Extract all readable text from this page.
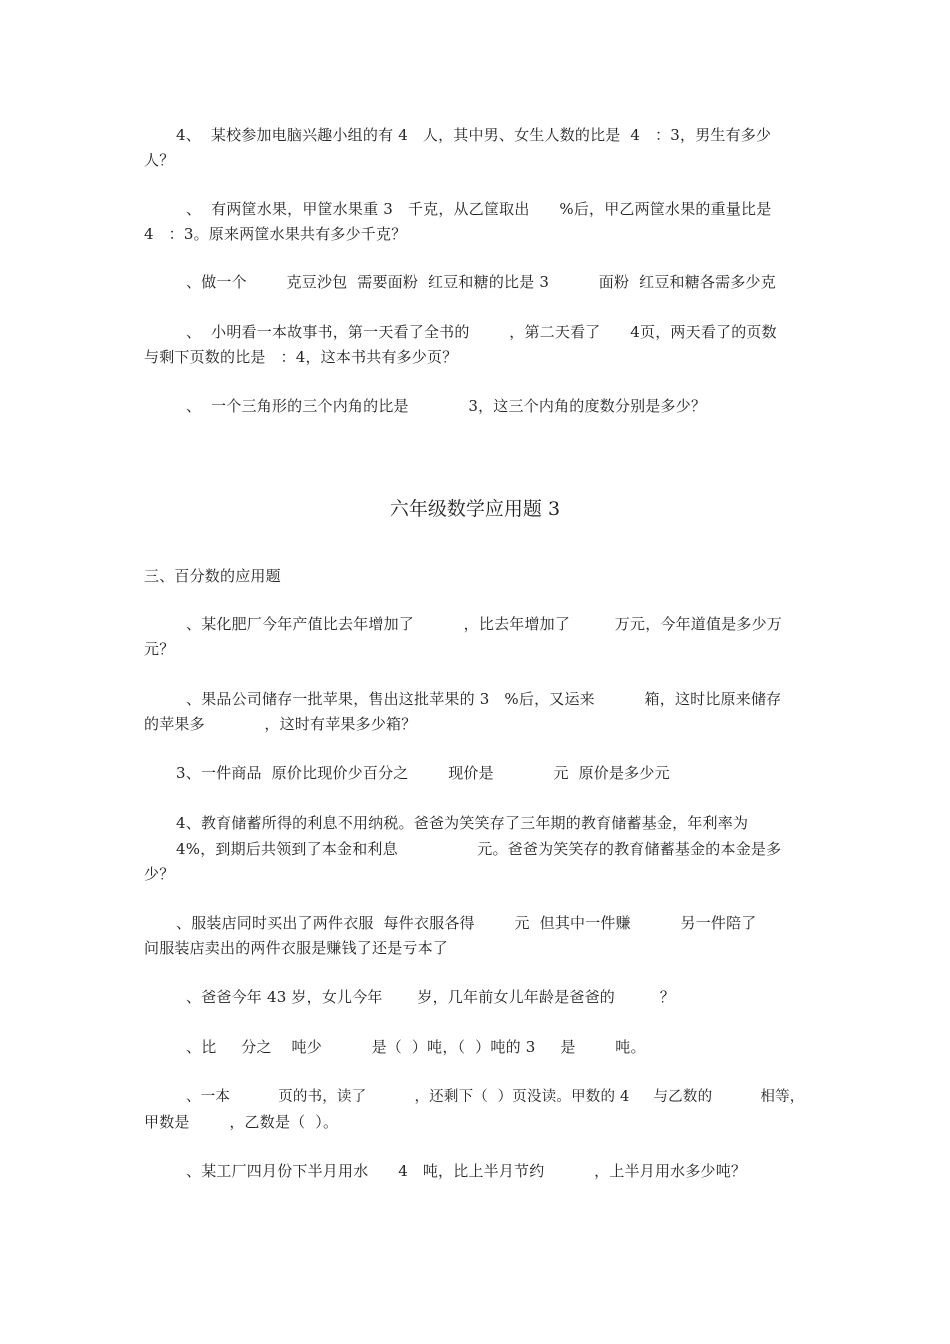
4、  某校参加电脑兴趣小组的有 4   人，其中男、女生人数的比是  4   ：3，男生有多少
人？
、  有两筐水果，甲筐水果重 3   千克，从乙筐取出      %后，甲乙两筐水果的重量比是
4   ：3。原来两筐水果共有多少千克？
、做一个        克豆沙包  需要面粉  红豆和糖的比是 3          面粉  红豆和糖各需多少克
、  小明看一本故事书，第一天看了全书的        ，第二天看了      4页，两天看了的页数
与剩下页数的比是   ：4，这本书共有多少页？
、  一个三角形的三个内角的比是            3，这三个内角的度数分别是多少？
六年级数学应用题 3
三、百分数的应用题
、某化肥厂今年产值比去年增加了          ，比去年增加了         万元，今年道值是多少万
元？
、果品公司储存一批苹果，售出这批苹果的 3   %后，又运来          箱，这时比原来储存
的苹果多            ，这时有苹果多少箱？
3、一件商品  原价比现价少百分之        现价是            元  原价是多少元
4、教育储蓄所得的利息不用纳税。爸爸为笑笑存了三年期的教育储蓄基金，年利率为
4%，到期后共领到了本金和利息                元。爸爸为笑笑存的教育储蓄基金的本金是多
少？
、服装店同时买出了两件衣服  每件衣服各得        元  但其中一件赚          另一件陪了
问服装店卖出的两件衣服是赚钱了还是亏本了
、爸爸今年 43 岁，女儿今年       岁，几年前女儿年龄是爸爸的         ？
、比     分之    吨少          是（  ）吨，（  ）吨的 3     是        吨。
、一本          页的书，读了          ，还剩下（  ）页没读。甲数的 4     与乙数的          相等，
甲数是        ，乙数是（  ）。
、某工厂四月份下半月用水      4   吨，比上半月节约          ，上半月用水多少吨？
